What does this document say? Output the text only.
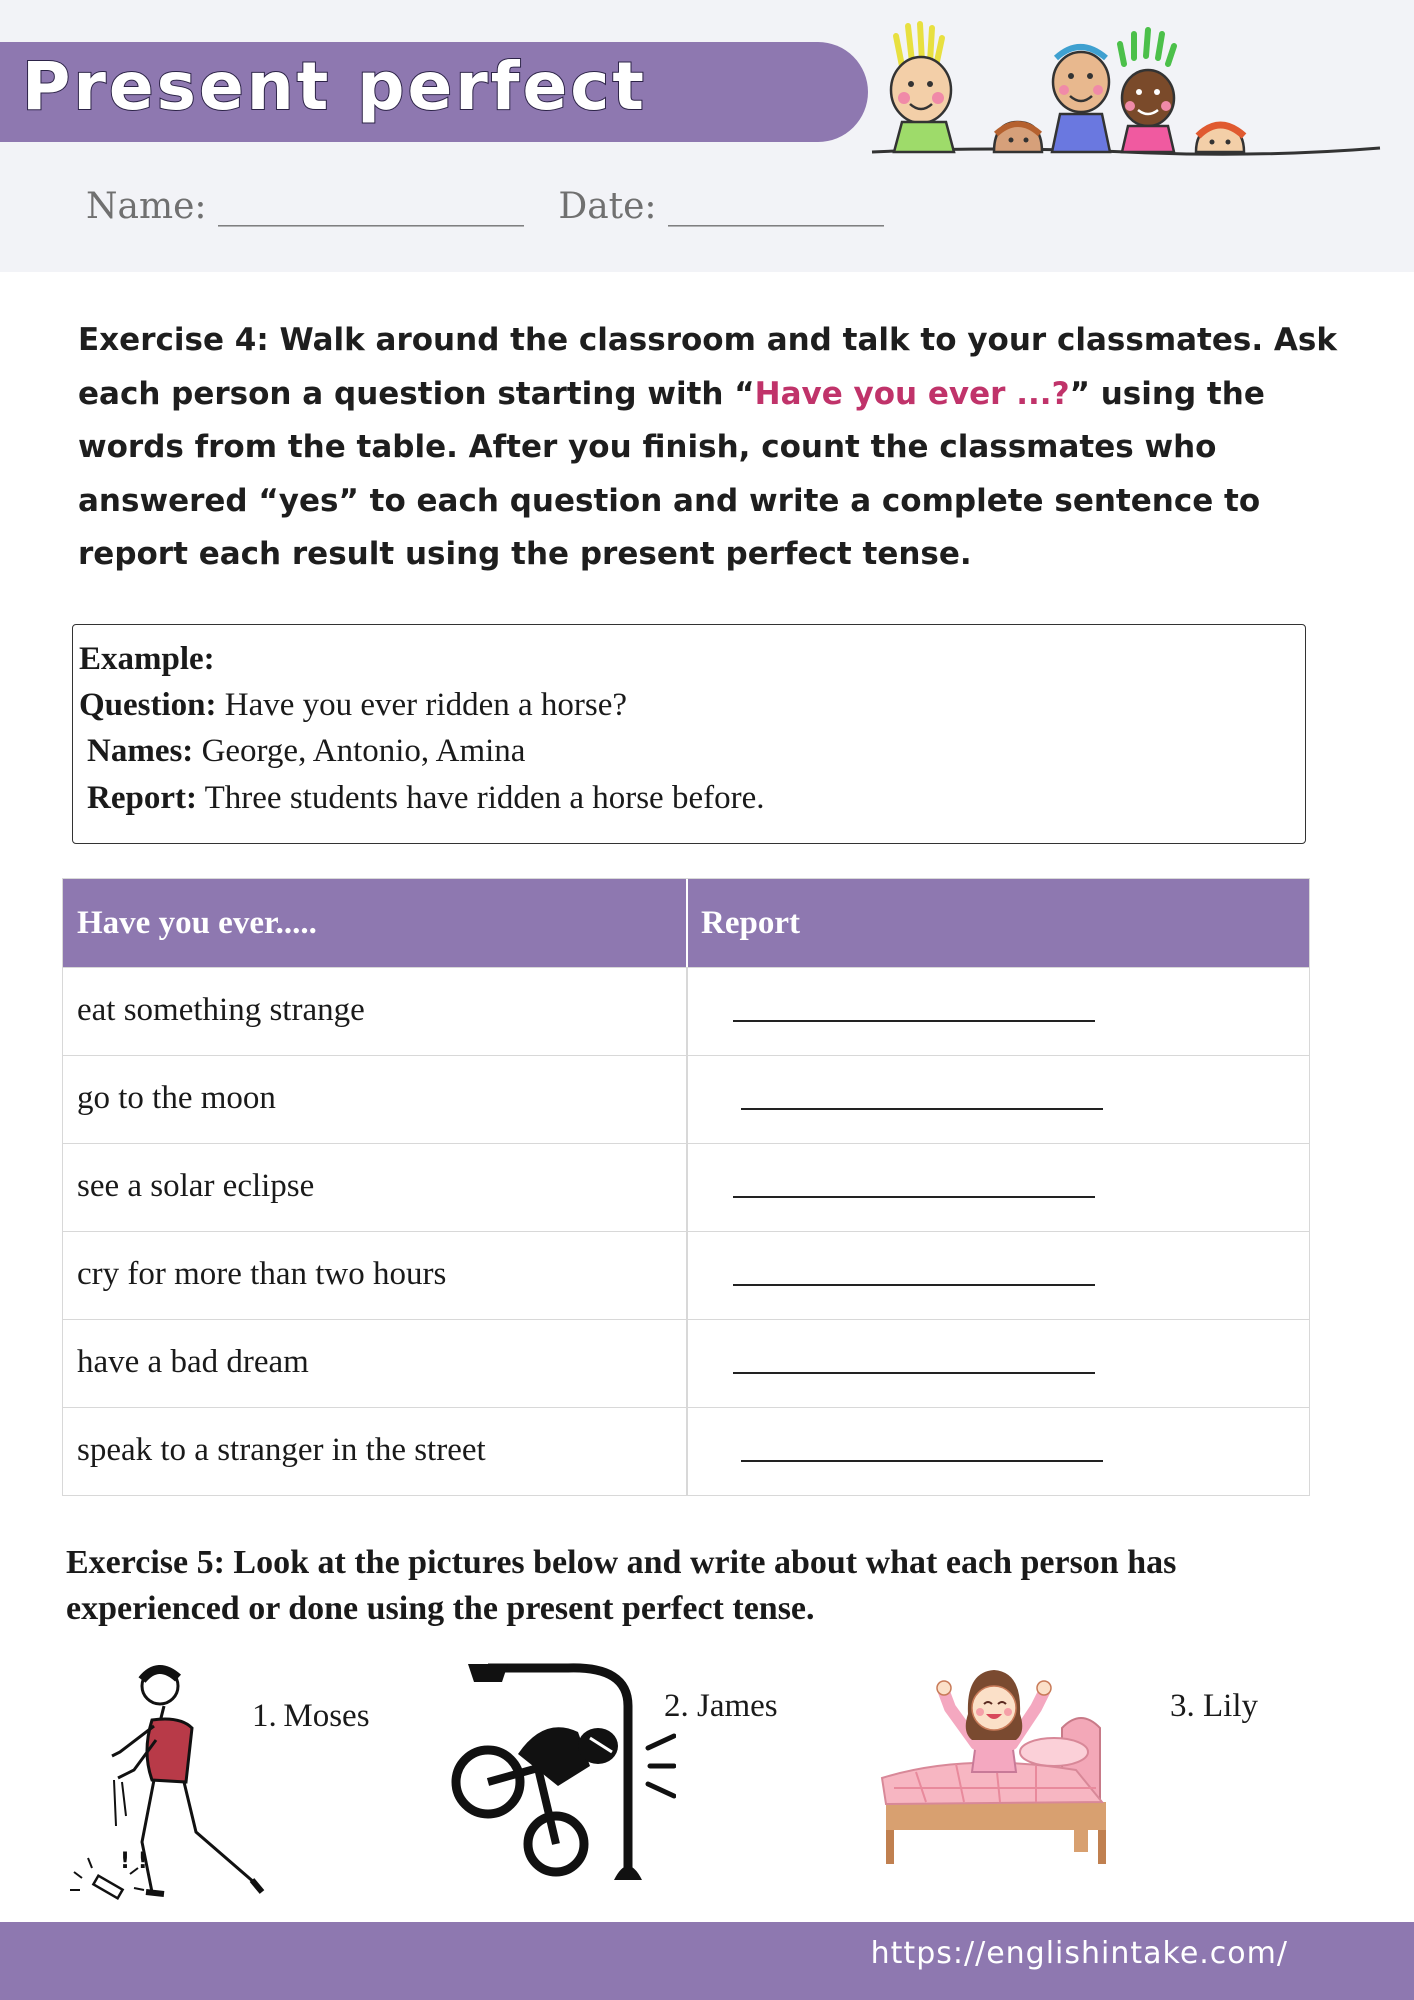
Present perfect
Name: _________________ Date: ____________
Exercise 4: Walk around the classroom and talk to your classmates. Ask each person a question starting with “Have you ever ...?” using the words from the table. After you finish, count the classmates who answered “yes” to each question and write a complete sentence to report each result using the present perfect tense.
Example:
Question: Have you ever ridden a horse?
Names: George, Antonio, Amina
Report: Three students have ridden a horse before.
Have you ever.....	Report
eat something strange
go to the moon
see a solar eclipse
cry for more than two hours
have a bad dream
speak to a stranger in the street
Exercise 5: Look at the pictures below and write about what each person has experienced or done using the present perfect tense.
! !
1. Moses	2. James	3. Lily
https://englishintake.com/
